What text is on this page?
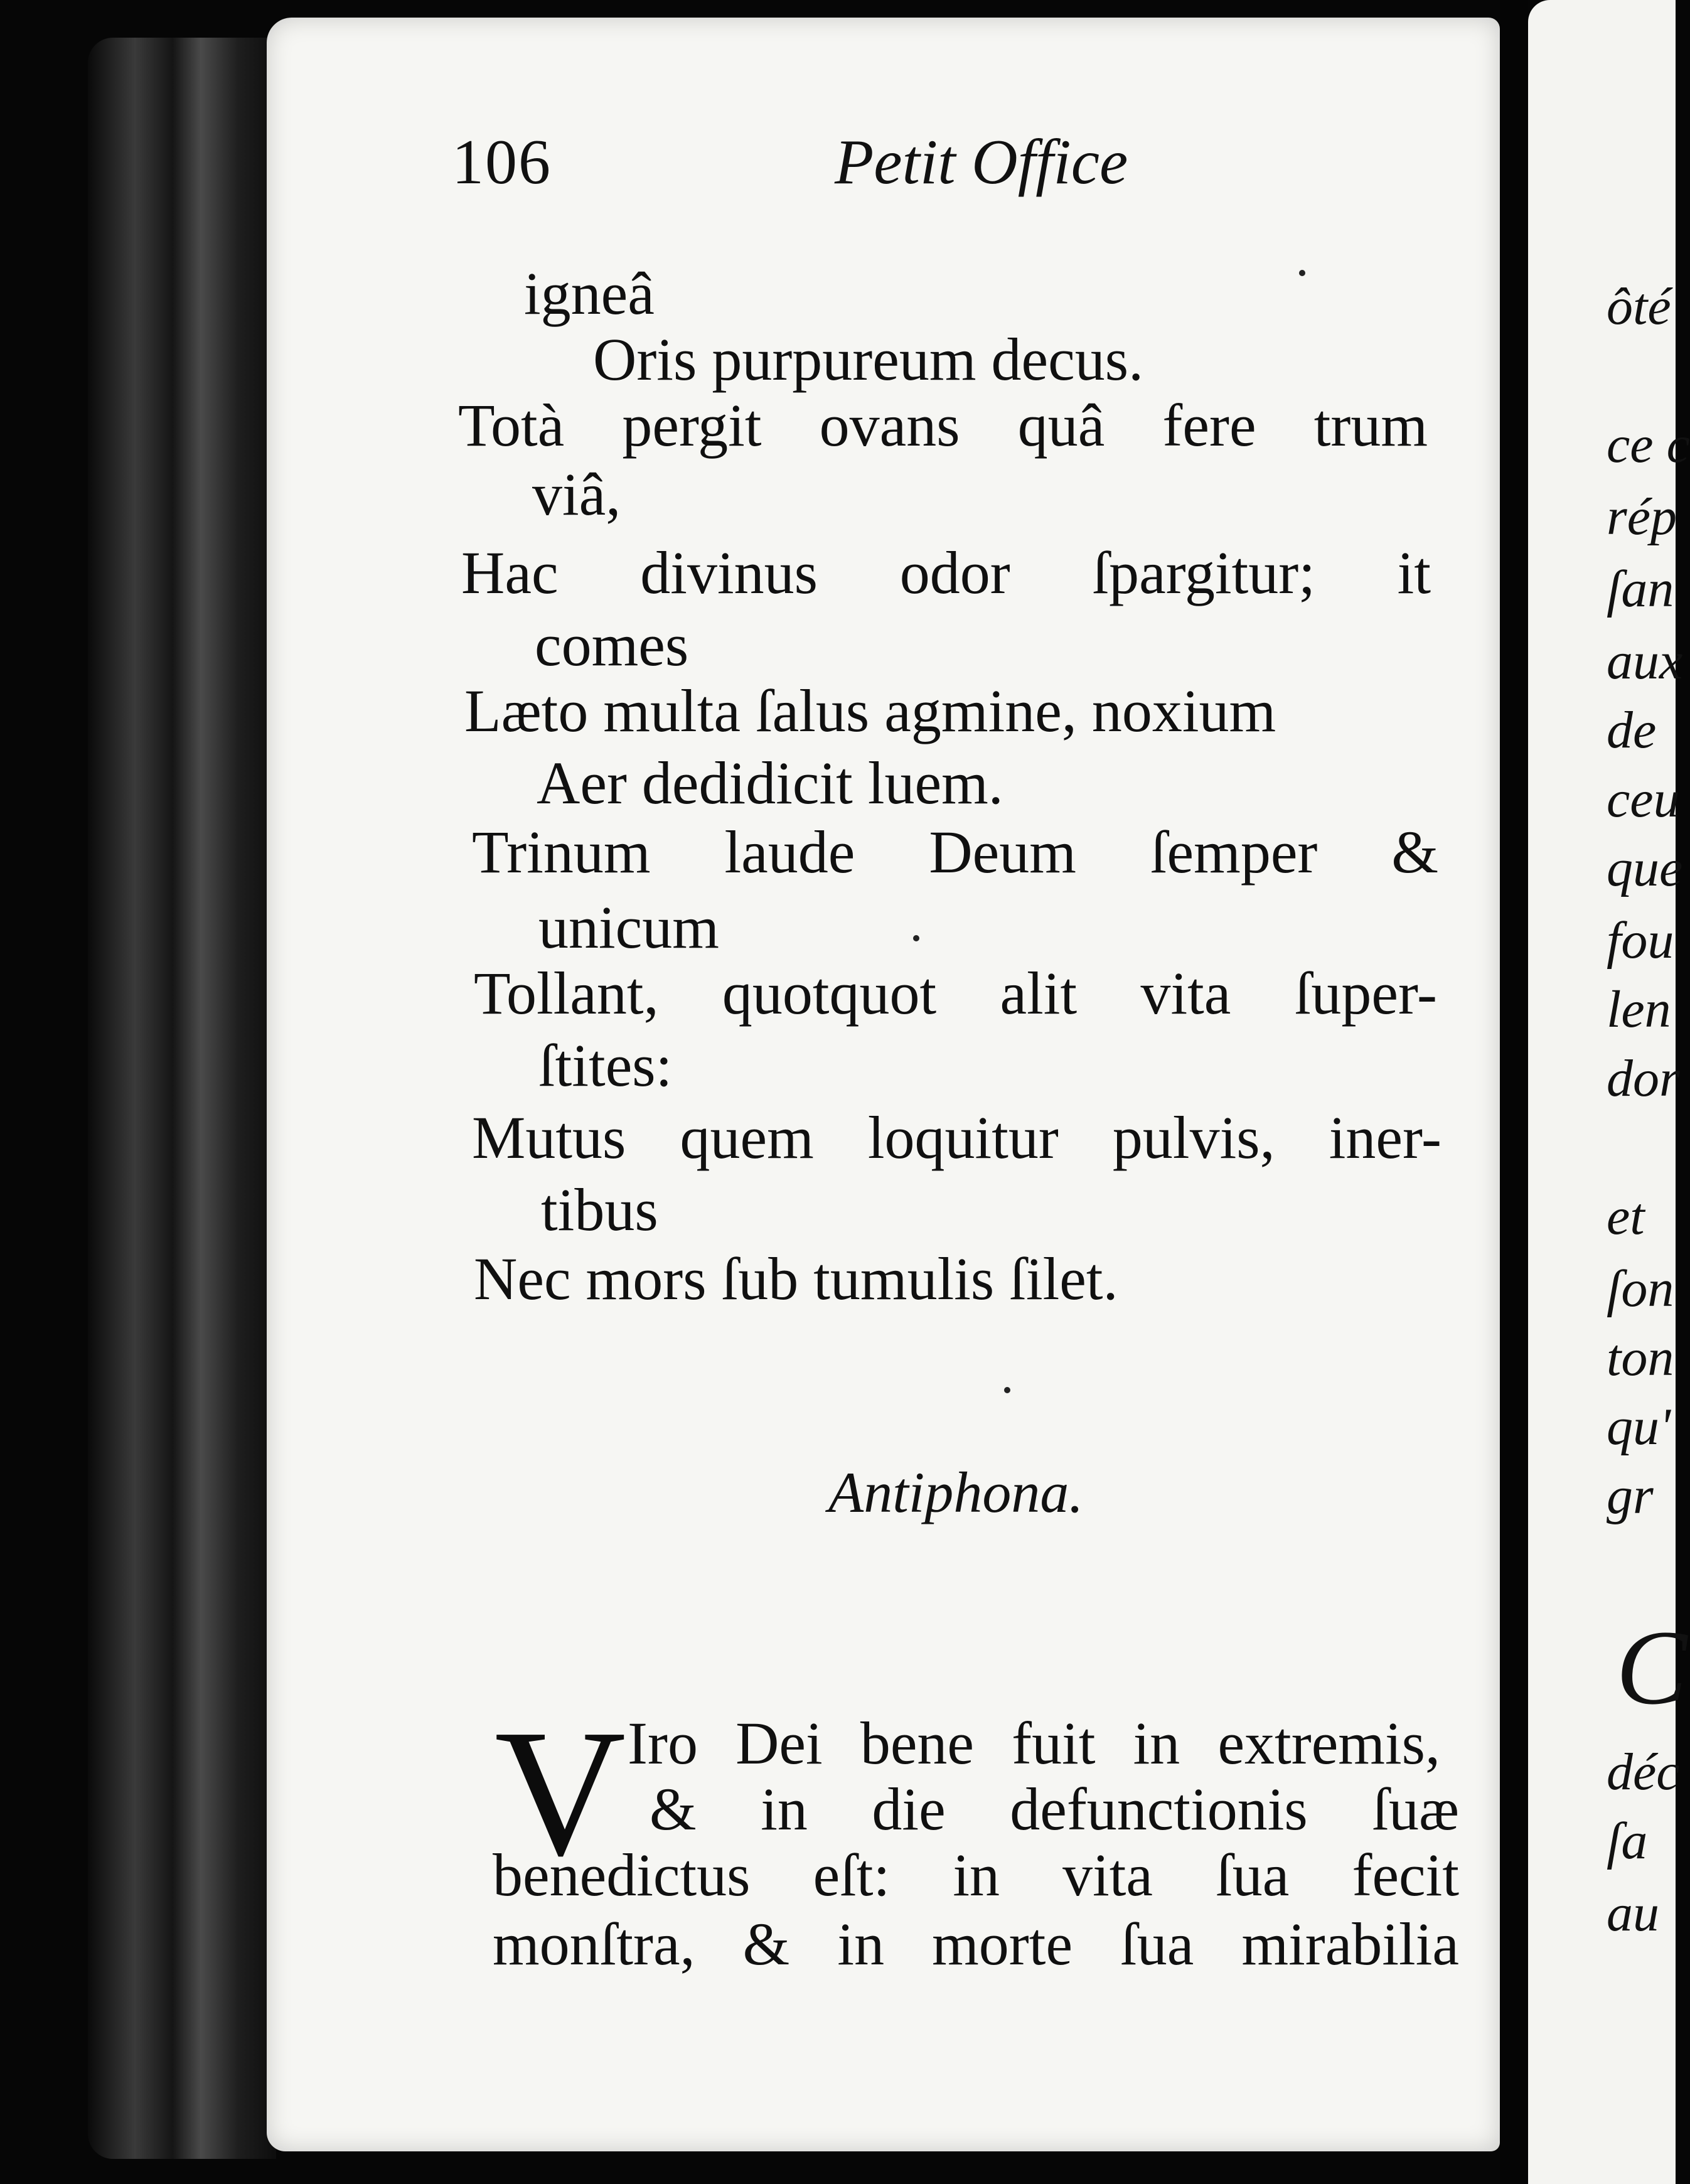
106	Petit Office
igneâ
Oris purpureum decus.
Totà pergit ovans quâ fere trum
viâ,
Hac divinus odor ſpargitur; it
comes
Læto multa ſalus agmine, noxium
Aer dedidicit luem.
Trinum laude Deum ſemper &
unicum
Tollant, quotquot alit vita ſuper-
ſtites:
Mutus quem loquitur pulvis, iner-
tibus
Nec mors ſub tumulis ſilet.
Antiphona.
V Iro Dei bene fuit in extremis,
& in die defunctionis ſuæ
benedictus eſt: in vita ſua fecit
monſtra, & in morte ſua mirabilia
ôté
ce c
rép
ſan
aux
de
ceu
que
fou
len
dor
et
ſon
ton
qu'
gr
C
déc
ſa
au
